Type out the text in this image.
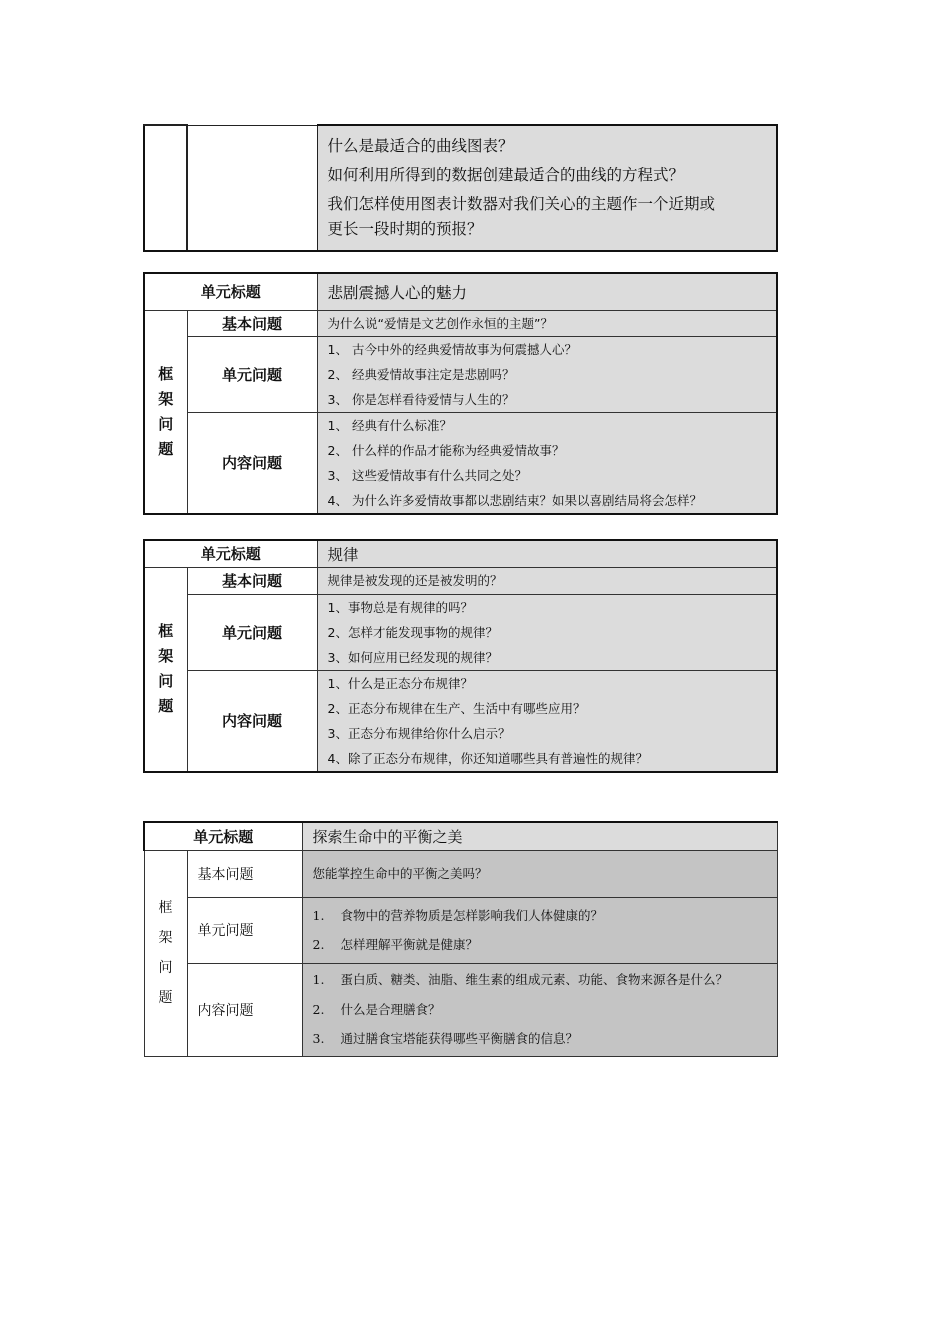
什么是最适合的曲线图表？
如何利用所得到的数据创建最适合的曲线的方程式？
我们怎样使用图表计数器对我们关心的主题作一个近期或
更长一段时期的预报？
单元标题		悲剧震撼人心的魅力

框
架
问
题	基本问题	为什么说“爱情是文艺创作永恒的主题”？
	单元问题	1、 古今中外的经典爱情故事为何震撼人心？
2、 经典爱情故事注定是悲剧吗？
3、 你是怎样看待爱情与人生的？

	内容问题	1、 经典有什么标准？
2、 什么样的作品才能称为经典爱情故事？
3、 这些爱情故事有什么共同之处？
4、 为什么许多爱情故事都以悲剧结束？如果以喜剧结局将会怎样？
单元标题		规律

框
架
问
题	基本问题	规律是被发现的还是被发明的？
	单元问题	1、事物总是有规律的吗？
2、怎样才能发现事物的规律？
3、如何应用已经发现的规律？

	内容问题	1、什么是正态分布规律？
2、正态分布规律在生产、生活中有哪些应用？
3、正态分布规律给你什么启示？
4、除了正态分布规律，你还知道哪些具有普遍性的规律？
单元标题		探索生命中的平衡之美

框
架
问
题	基本问题	您能掌控生命中的平衡之美吗？
	单元问题	1. 食物中的营养物质是怎样影响我们人体健康的？
2. 怎样理解平衡就是健康？

	内容问题	1. 蛋白质、糖类、油脂、维生素的组成元素、功能、食物来源各是什么？
2. 什么是合理膳食？
3. 通过膳食宝塔能获得哪些平衡膳食的信息？
